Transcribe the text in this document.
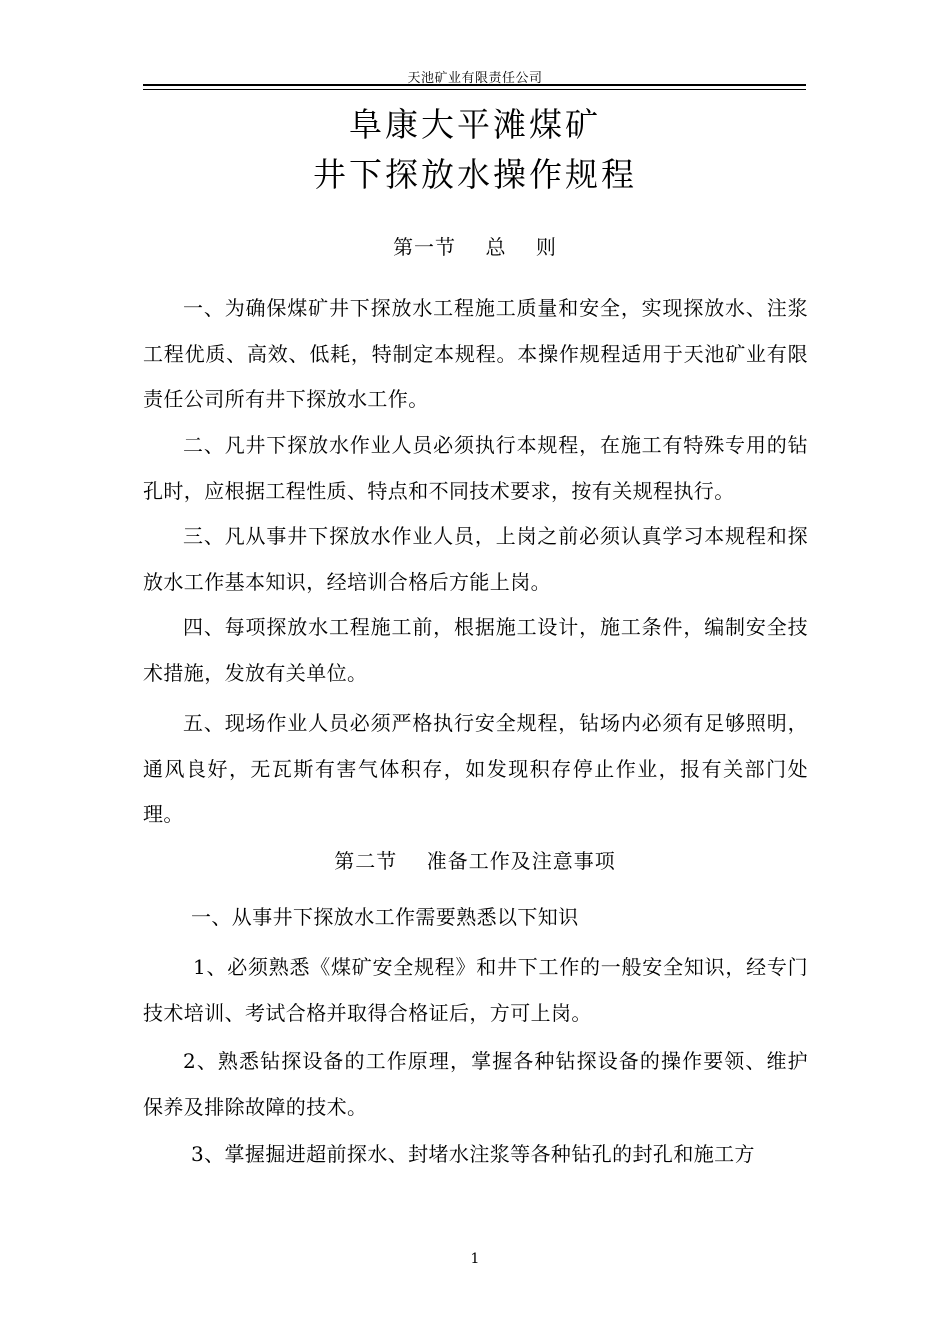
天池矿业有限责任公司
阜康大平滩煤矿
井下探放水操作规程
第一节    总    则
一、为确保煤矿井下探放水工程施工质量和安全，实现探放水、注浆工程优质、高效、低耗，特制定本规程。本操作规程适用于天池矿业有限责任公司所有井下探放水工作。
二、凡井下探放水作业人员必须执行本规程，在施工有特殊专用的钻孔时，应根据工程性质、特点和不同技术要求，按有关规程执行。
三、凡从事井下探放水作业人员，上岗之前必须认真学习本规程和探放水工作基本知识，经培训合格后方能上岗。
四、每项探放水工程施工前，根据施工设计，施工条件，编制安全技术措施，发放有关单位。
五、现场作业人员必须严格执行安全规程，钻场内必须有足够照明，通风良好，无瓦斯有害气体积存，如发现积存停止作业，报有关部门处理。
第二节    准备工作及注意事项
一、从事井下探放水工作需要熟悉以下知识
1、必须熟悉《煤矿安全规程》和井下工作的一般安全知识，经专门技术培训、考试合格并取得合格证后，方可上岗。
2、熟悉钻探设备的工作原理，掌握各种钻探设备的操作要领、维护保养及排除故障的技术。
3、掌握掘进超前探水、封堵水注浆等各种钻孔的封孔和施工方
1
